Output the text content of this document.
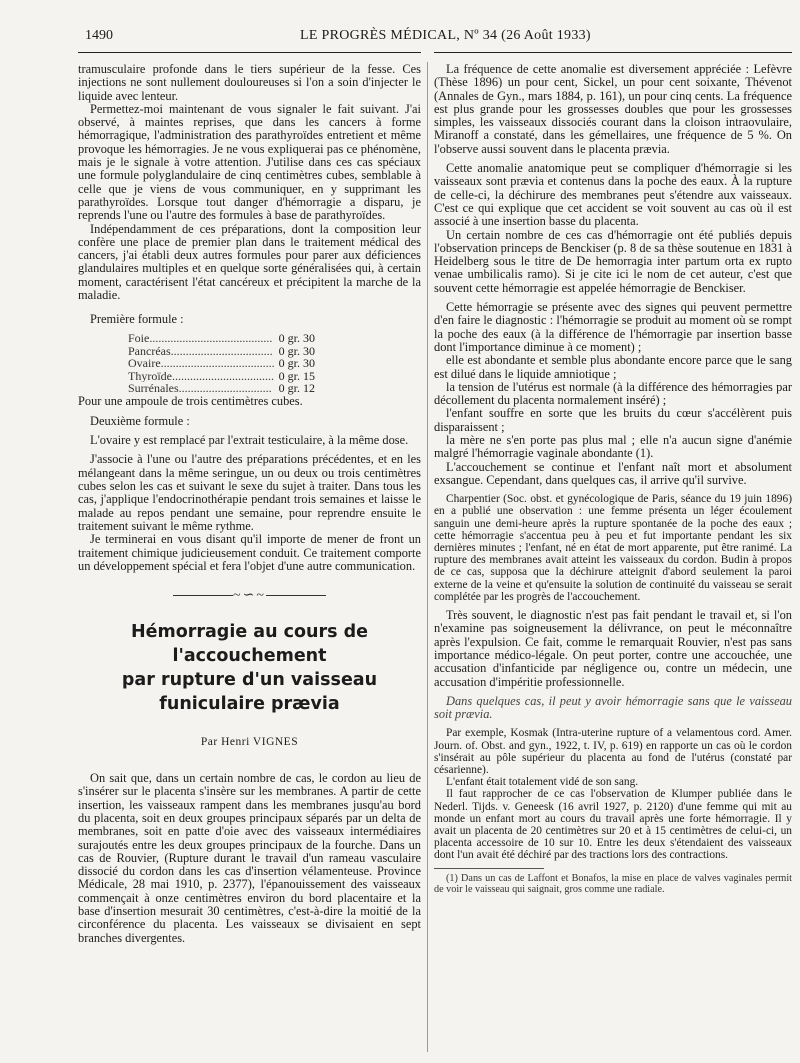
1490	LE PROGRÈS MÉDICAL, Nº 34 (26 Août 1933)

tramusculaire profonde dans le tiers supérieur de la fesse. Ces injections ne sont nullement douloureuses si l'on a soin d'injecter le liquide avec lenteur.

Permettez-moi maintenant de vous signaler le fait suivant. J'ai observé, à maintes reprises, que dans les cancers à forme hémorragique, l'administration des parathyroïdes entretient et même provoque les hémorragies. Je ne vous expliquerai pas ce phénomène, mais je le signale à votre attention. J'utilise dans ces cas spéciaux une formule polyglandulaire de cinq centimètres cubes, semblable à celle que je viens de vous communiquer, en y supprimant les parathyroïdes. Lorsque tout danger d'hémorragie a disparu, je reprends l'une ou l'autre des formules à base de parathyroïdes.

Indépendamment de ces préparations, dont la composition leur confère une place de premier plan dans le traitement médical des cancers, j'ai établi deux autres formules pour parer aux déficiences glandulaires multiples et en quelque sorte généralisées qui, à certain moment, caractérisent l'état cancéreux et précipitent la marche de la maladie.

Première formule :
Foie.........................................	0 gr. 30
Pancréas..................................	0 gr. 30
Ovaire......................................	0 gr. 30
Thyroïde..................................	0 gr. 15
Surrénales...............................	0 gr. 12

Pour une ampoule de trois centimètres cubes.

Deuxième formule :

L'ovaire y est remplacé par l'extrait testiculaire, à la même dose.

J'associe à l'une ou l'autre des préparations précédentes, et en les mélangeant dans la même seringue, un ou deux ou trois centimètres cubes selon les cas et suivant le sexe du sujet à traiter. Dans tous les cas, j'applique l'endocrinothérapie pendant trois semaines et laisse le malade au repos pendant une semaine, pour reprendre ensuite le traitement suivant le même rythme.

Je terminerai en vous disant qu'il importe de mener de front un traitement chimique judicieusement conduit. Ce traitement comporte un développement spécial et fera l'objet d'une autre communication.

~∽~
Hémorragie au cours de l'accouchement
par rupture d'un vaisseau
funiculaire prævia
Par Henri VIGNES

On sait que, dans un certain nombre de cas, le cordon au lieu de s'insérer sur le placenta s'insère sur les membranes. A partir de cette insertion, les vaisseaux rampent dans les membranes jusqu'au bord du placenta, soit en deux groupes principaux séparés par un delta de membranes, soit en patte d'oie avec des vaisseaux intermédiaires surajoutés entre les deux groupes principaux de la fourche. Dans un cas de Rouvier, (Rupture durant le travail d'un rameau vasculaire dissocié du cordon dans les cas d'insertion vélamenteuse. Province Médicale, 28 mai 1910, p. 2377), l'épanouissement des vaisseaux commençait à onze centimètres environ du bord placentaire et la base d'insertion mesurait 30 centimètres, c'est-à-dire la moitié de la circonférence du placenta. Les vaisseaux se divisaient en sept branches divergentes.

La fréquence de cette anomalie est diversement appréciée : Lefèvre (Thèse 1896) un pour cent, Sickel, un pour cent soixante, Thévenot (Annales de Gyn., mars 1884, p. 161), un pour cinq cents. La fréquence est plus grande pour les grossesses doubles que pour les grossesses simples, les vaisseaux dissociés courant dans la cloison intraovulaire, Miranoff a constaté, dans les gémellaires, une fréquence de 5 %. On l'observe aussi souvent dans le placenta prævia.

Cette anomalie anatomique peut se compliquer d'hémorragie si les vaisseaux sont prævia et contenus dans la poche des eaux. À la rupture de celle-ci, la déchirure des membranes peut s'étendre aux vaisseaux. C'est ce qui explique que cet accident se voit souvent au cas où il est associé à une insertion basse du placenta.

Un certain nombre de ces cas d'hémorragie ont été publiés depuis l'observation princeps de Benckiser (p. 8 de sa thèse soutenue en 1831 à Heidelberg sous le titre de De hemorragia inter partum orta ex rupto venae umbilicalis ramo). Si je cite ici le nom de cet auteur, c'est que souvent cette hémorragie est appelée hémorragie de Benckiser.

Cette hémorragie se présente avec des signes qui peuvent permettre d'en faire le diagnostic : l'hémorragie se produit au moment où se rompt la poche des eaux (à la différence de l'hémorragie par insertion basse dont l'importance diminue à ce moment) ;

elle est abondante et semble plus abondante encore parce que le sang est dilué dans le liquide amniotique ;

la tension de l'utérus est normale (à la différence des hémorragies par décollement du placenta normalement inséré) ;

l'enfant souffre en sorte que les bruits du cœur s'accélèrent puis disparaissent ;

la mère ne s'en porte pas plus mal ; elle n'a aucun signe d'anémie malgré l'hémorragie vaginale abondante (1).

L'accouchement se continue et l'enfant naît mort et absolument exsangue. Cependant, dans quelques cas, il arrive qu'il survive.

Charpentier (Soc. obst. et gynécologique de Paris, séance du 19 juin 1896) en a publié une observation : une femme présenta un léger écoulement sanguin une demi-heure après la rupture spontanée de la poche des eaux ; cette hémorragie s'accentua peu à peu et fut importante pendant les six dernières minutes ; l'enfant, né en état de mort apparente, put être ranimé. La rupture des membranes avait atteint les vaisseaux du cordon. Budin à propos de ce cas, supposa que la déchirure atteignit d'abord seulement la paroi externe de la veine et qu'ensuite la solution de continuité du vaisseau se serait complétée par les progrès de l'accouchement.

Très souvent, le diagnostic n'est pas fait pendant le travail et, si l'on n'examine pas soigneusement la délivrance, on peut le méconnaître après l'expulsion. Ce fait, comme le remarquait Rouvier, n'est pas sans importance médico-légale. On peut porter, contre une accouchée, une accusation d'infanticide par négligence ou, contre un médecin, une accusation d'impéritie professionnelle.

Dans quelques cas, il peut y avoir hémorragie sans que le vaisseau soit prævia.

Par exemple, Kosmak (Intra-uterine rupture of a velamentous cord. Amer. Journ. of. Obst. and gyn., 1922, t. IV, p. 619) en rapporte un cas où le cordon s'insérait au pôle supérieur du placenta au fond de l'utérus (constaté par césarienne).

L'enfant était totalement vidé de son sang.

Il faut rapprocher de ce cas l'observation de Klumper publiée dans le Nederl. Tijds. v. Geneesk (16 avril 1927, p. 2120) d'une femme qui mit au monde un enfant mort au cours du travail après une forte hémorragie. Il y avait un placenta de 20 centimètres sur 20 et à 15 centimètres de celui-ci, un placenta accessoire de 10 sur 10. Entre les deux s'étendaient des vaisseaux dont l'un avait été déchiré par des tractions lors des contractions.

(1) Dans un cas de Laffont et Bonafos, la mise en place de valves vaginales permit de voir le vaisseau qui saignait, gros comme une radiale.
